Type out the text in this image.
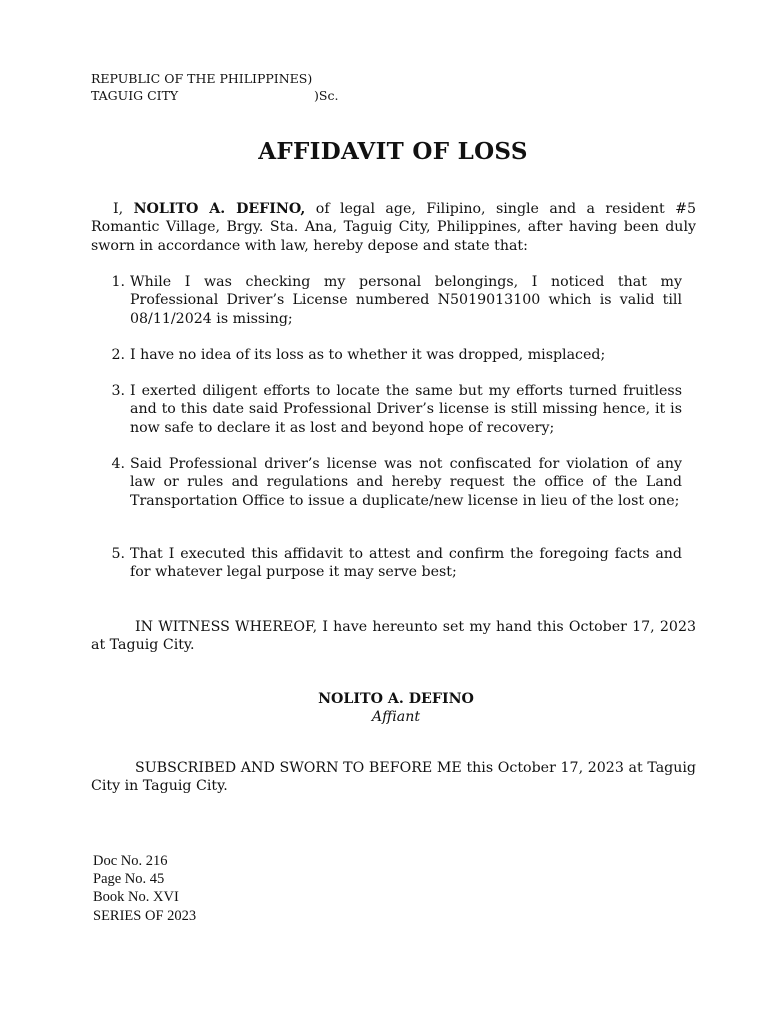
REPUBLIC OF THE PHILIPPINES)
TAGUIG CITY	)Sc.
AFFIDAVIT OF LOSS
I, NOLITO A. DEFINO, of legal age, Filipino, single and a resident #5 Romantic Village, Brgy. Sta. Ana, Taguig City, Philippines, after having been duly sworn in accordance with law, hereby depose and state that:
1. While I was checking my personal belongings, I noticed that my Professional Driver’s License numbered N5019013100 which is valid till 08/11/2024 is missing;
2. I have no idea of its loss as to whether it was dropped, misplaced;
3. I exerted diligent efforts to locate the same but my efforts turned fruitless and to this date said Professional Driver’s license is still missing hence, it is now safe to declare it as lost and beyond hope of recovery;
4. Said Professional driver’s license was not confiscated for violation of any law or rules and regulations and hereby request the office of the Land Transportation Office to issue a duplicate/new license in lieu of the lost one;
5. That I executed this affidavit to attest and confirm the foregoing facts and for whatever legal purpose it may serve best;
IN WITNESS WHEREOF, I have hereunto set my hand this October 17, 2023 at Taguig City.
NOLITO A. DEFINO
Affiant
SUBSCRIBED AND SWORN TO BEFORE ME this October 17, 2023 at Taguig City in Taguig City.
Doc No. 216
Page No. 45
Book No. XVI
SERIES OF 2023
